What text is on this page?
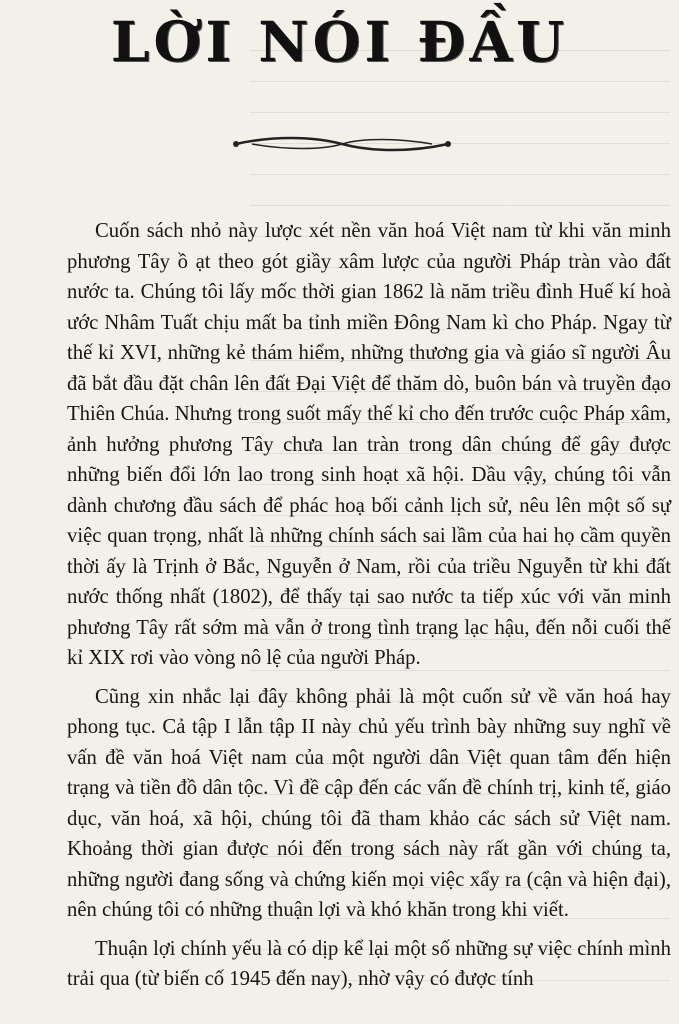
LỜI NÓI ĐẦU

Cuốn sách nhỏ này lược xét nền văn hoá Việt nam từ khi văn minh phương Tây ồ ạt theo gót giầy xâm lược của người Pháp tràn vào đất nước ta. Chúng tôi lấy mốc thời gian 1862 là năm triều đình Huế kí hoà ước Nhâm Tuất chịu mất ba tỉnh miền Đông Nam kì cho Pháp. Ngay từ thế kỉ XVI, những kẻ thám hiểm, những thương gia và giáo sĩ người Âu đã bắt đầu đặt chân lên đất Đại Việt để thăm dò, buôn bán và truyền đạo Thiên Chúa. Nhưng trong suốt mấy thế kỉ cho đến trước cuộc Pháp xâm, ảnh hưởng phương Tây chưa lan tràn trong dân chúng để gây được những biến đổi lớn lao trong sinh hoạt xã hội. Dầu vậy, chúng tôi vẫn dành chương đầu sách để phác hoạ bối cảnh lịch sử, nêu lên một số sự việc quan trọng, nhất là những chính sách sai lầm của hai họ cầm quyền thời ấy là Trịnh ở Bắc, Nguyễn ở Nam, rồi của triều Nguyễn từ khi đất nước thống nhất (1802), để thấy tại sao nước ta tiếp xúc với văn minh phương Tây rất sớm mà vẫn ở trong tình trạng lạc hậu, đến nỗi cuối thế kỉ XIX rơi vào vòng nô lệ của người Pháp.

Cũng xin nhắc lại đây không phải là một cuốn sử về văn hoá hay phong tục. Cả tập I lẫn tập II này chủ yếu trình bày những suy nghĩ về vấn đề văn hoá Việt nam của một người dân Việt quan tâm đến hiện trạng và tiền đồ dân tộc. Vì đề cập đến các vấn đề chính trị, kinh tế, giáo dục, văn hoá, xã hội, chúng tôi đã tham khảo các sách sử Việt nam. Khoảng thời gian được nói đến trong sách này rất gần với chúng ta, những người đang sống và chứng kiến mọi việc xẩy ra (cận và hiện đại), nên chúng tôi có những thuận lợi và khó khăn trong khi viết.

Thuận lợi chính yếu là có dịp kể lại một số những sự việc chính mình trải qua (từ biến cố 1945 đến nay), nhờ vậy có được tính
